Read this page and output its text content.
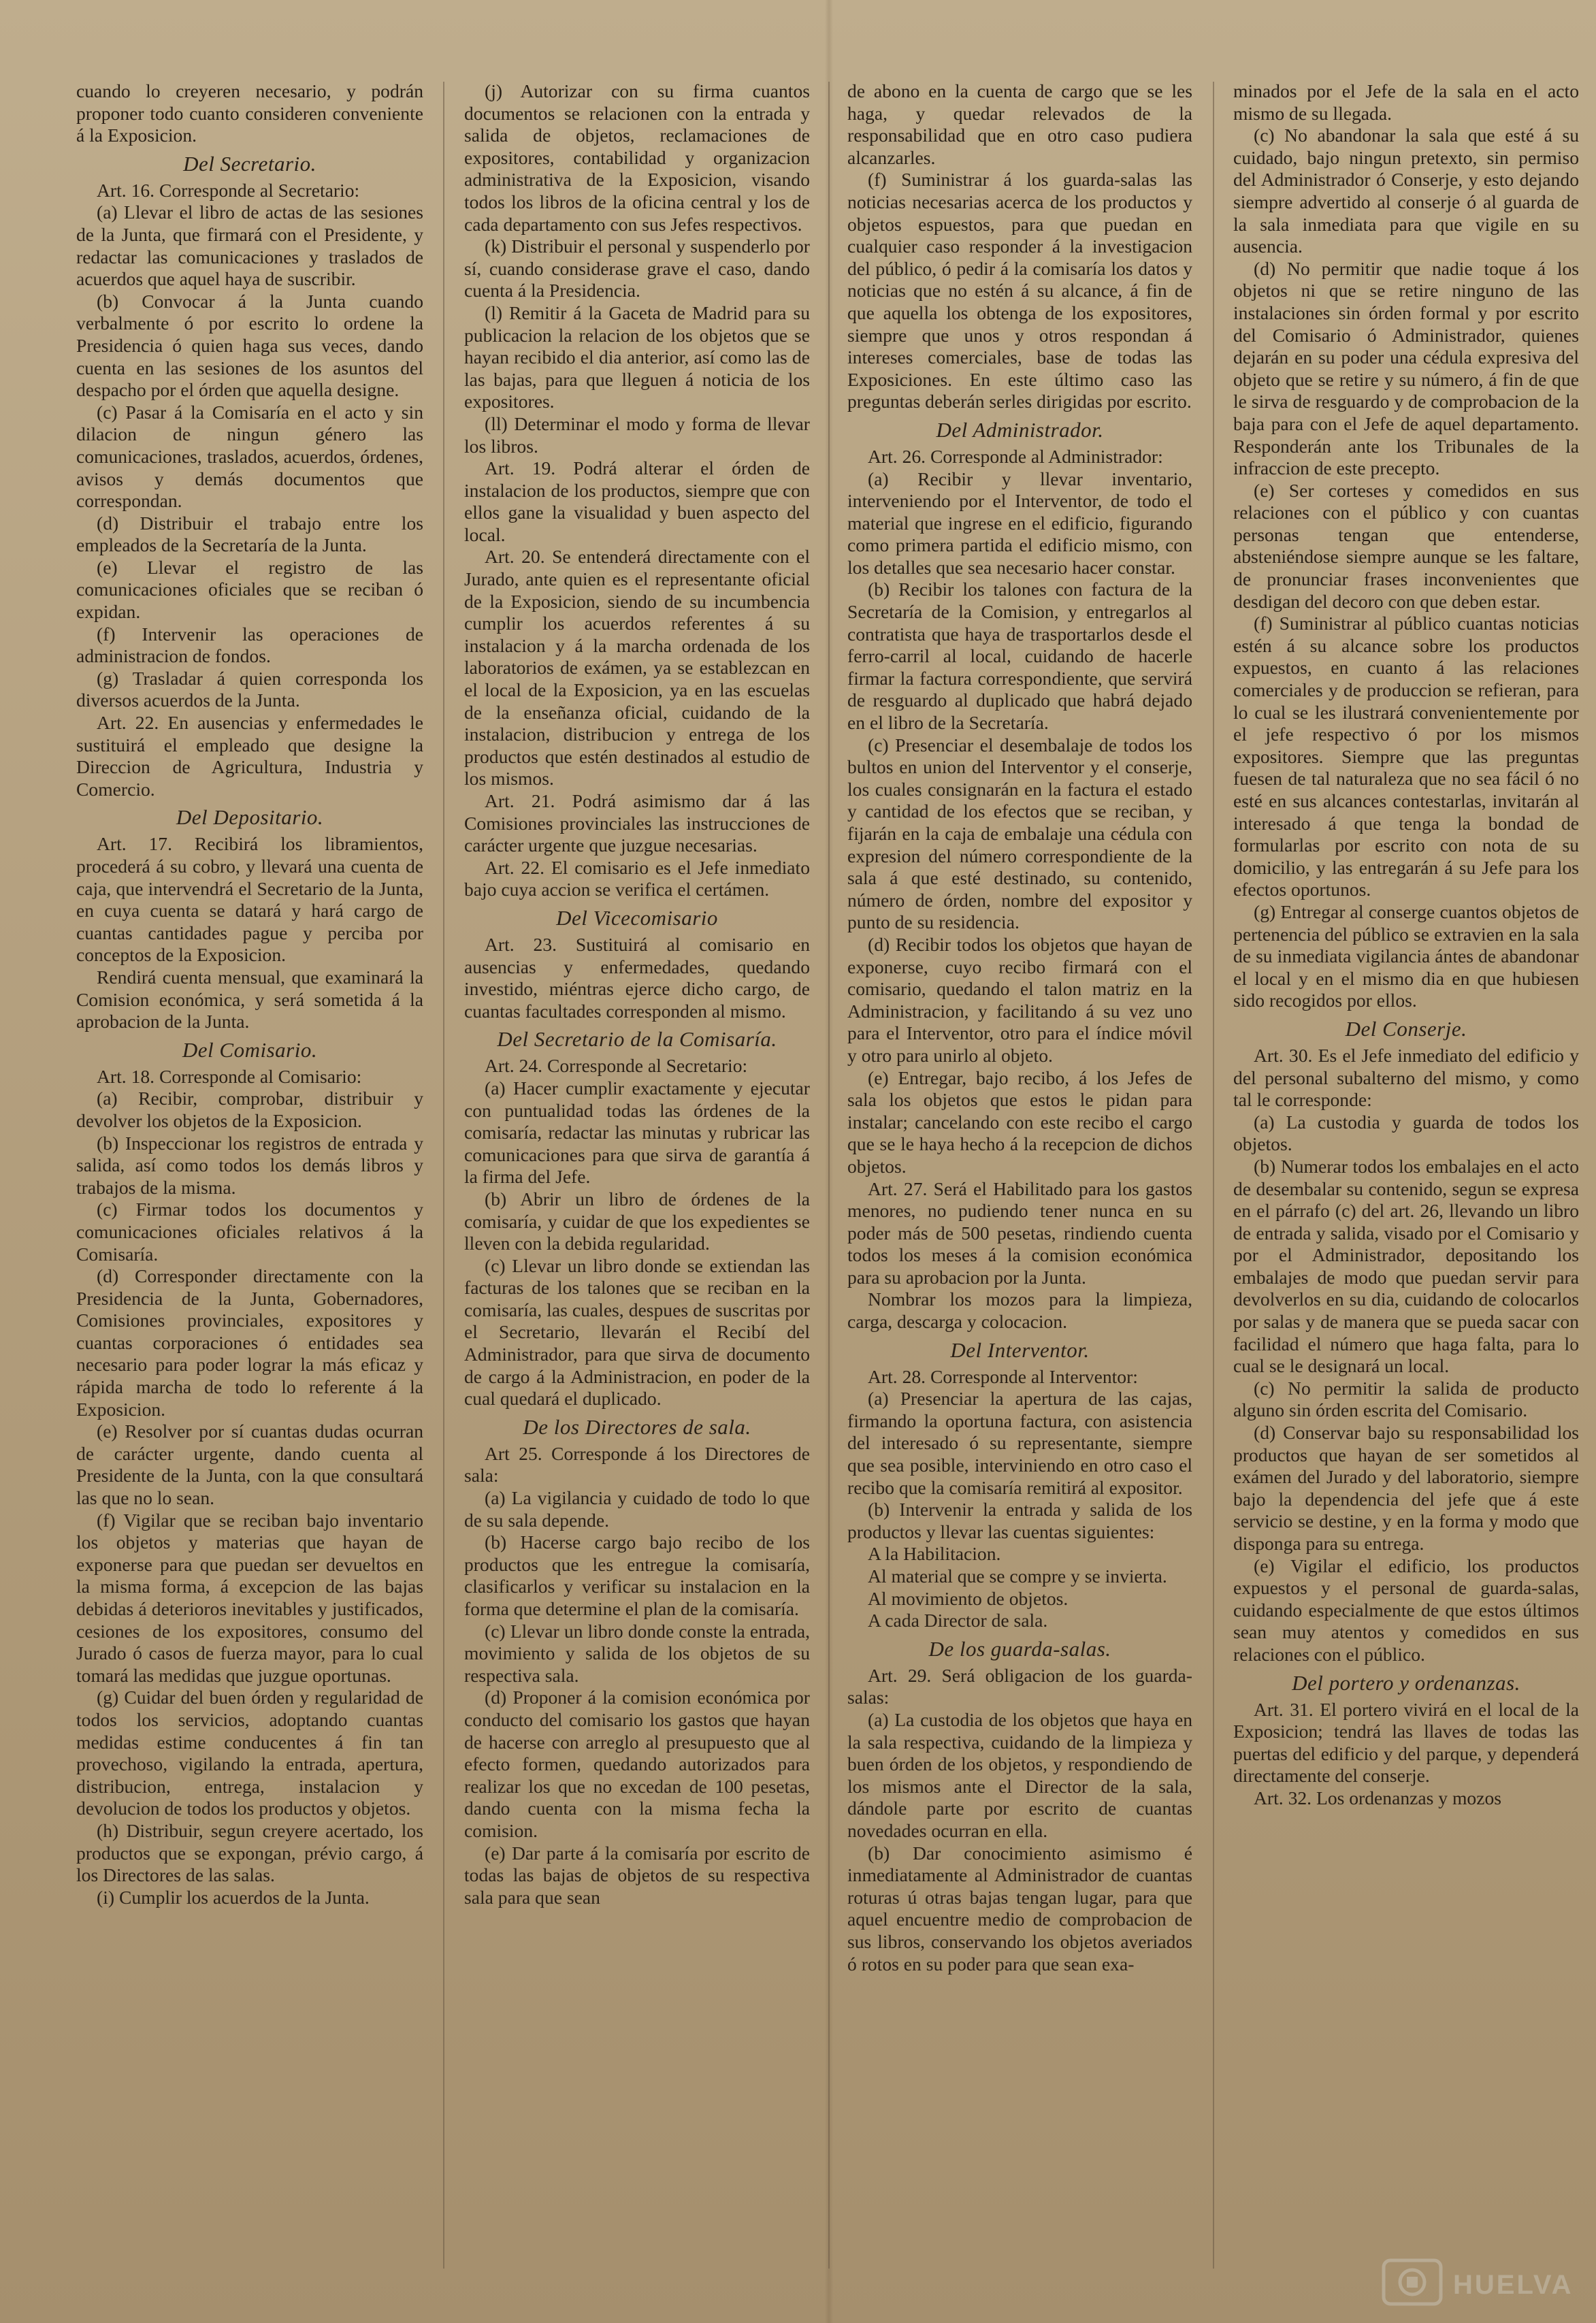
cuando lo creyeren necesario, y podrán proponer todo cuanto consideren conveniente á la Exposicion.

Del Secretario.

Art. 16. Corresponde al Secretario:

(a) Llevar el libro de actas de las sesiones de la Junta, que firmará con el Presidente, y redactar las comunicaciones y traslados de acuerdos que aquel haya de suscribir.

(b) Convocar á la Junta cuando verbalmente ó por escrito lo ordene la Presidencia ó quien haga sus veces, dando cuenta en las sesiones de los asuntos del despacho por el órden que aquella designe.

(c) Pasar á la Comisaría en el acto y sin dilacion de ningun género las comunicaciones, traslados, acuerdos, órdenes, avisos y demás documentos que correspondan.

(d) Distribuir el trabajo entre los empleados de la Secretaría de la Junta.

(e) Llevar el registro de las comunicaciones oficiales que se reciban ó expidan.

(f) Intervenir las operaciones de administracion de fondos.

(g) Trasladar á quien corresponda los diversos acuerdos de la Junta.

Art. 22. En ausencias y enfermedades le sustituirá el empleado que designe la Direccion de Agricultura, Industria y Comercio.

Del Depositario.

Art. 17. Recibirá los libramientos, procederá á su cobro, y llevará una cuenta de caja, que intervendrá el Secretario de la Junta, en cuya cuenta se datará y hará cargo de cuantas cantidades pague y perciba por conceptos de la Exposicion.

Rendirá cuenta mensual, que examinará la Comision económica, y será sometida á la aprobacion de la Junta.

Del Comisario.

Art. 18. Corresponde al Comisario:

(a) Recibir, comprobar, distribuir y devolver los objetos de la Exposicion.

(b) Inspeccionar los registros de entrada y salida, así como todos los demás libros y trabajos de la misma.

(c) Firmar todos los documentos y comunicaciones oficiales relativos á la Comisaría.

(d) Corresponder directamente con la Presidencia de la Junta, Gobernadores, Comisiones provinciales, expositores y cuantas corporaciones ó entidades sea necesario para poder lograr la más eficaz y rápida marcha de todo lo referente á la Exposicion.

(e) Resolver por sí cuantas dudas ocurran de carácter urgente, dando cuenta al Presidente de la Junta, con la que consultará las que no lo sean.

(f) Vigilar que se reciban bajo inventario los objetos y materias que hayan de exponerse para que puedan ser devueltos en la misma forma, á excepcion de las bajas debidas á deterioros inevitables y justificados, cesiones de los expositores, consumo del Jurado ó casos de fuerza mayor, para lo cual tomará las medidas que juzgue oportunas.

(g) Cuidar del buen órden y regularidad de todos los servicios, adoptando cuantas medidas estime conducentes á fin tan provechoso, vigilando la entrada, apertura, distribucion, entrega, instalacion y devolucion de todos los productos y objetos.

(h) Distribuir, segun creyere acertado, los productos que se expongan, prévio cargo, á los Directores de las salas.

(i) Cumplir los acuerdos de la Junta.

(j) Autorizar con su firma cuantos documentos se relacionen con la entrada y salida de objetos, reclamaciones de expositores, contabilidad y organizacion administrativa de la Exposicion, visando todos los libros de la oficina central y los de cada departamento con sus Jefes respectivos.

(k) Distribuir el personal y suspenderlo por sí, cuando considerase grave el caso, dando cuenta á la Presidencia.

(l) Remitir á la Gaceta de Madrid para su publicacion la relacion de los objetos que se hayan recibido el dia anterior, así como las de las bajas, para que lleguen á noticia de los expositores.

(ll) Determinar el modo y forma de llevar los libros.

Art. 19. Podrá alterar el órden de instalacion de los productos, siempre que con ellos gane la visualidad y buen aspecto del local.

Art. 20. Se entenderá directamente con el Jurado, ante quien es el representante oficial de la Exposicion, siendo de su incumbencia cumplir los acuerdos referentes á su instalacion y á la marcha ordenada de los laboratorios de exámen, ya se establezcan en el local de la Exposicion, ya en las escuelas de la enseñanza oficial, cuidando de la instalacion, distribucion y entrega de los productos que estén destinados al estudio de los mismos.

Art. 21. Podrá asimismo dar á las Comisiones provinciales las instrucciones de carácter urgente que juzgue necesarias.

Art. 22. El comisario es el Jefe inmediato bajo cuya accion se verifica el certámen.

Del Vicecomisario

Art. 23. Sustituirá al comisario en ausencias y enfermedades, quedando investido, miéntras ejerce dicho cargo, de cuantas facultades corresponden al mismo.

Del Secretario de la Comisaría.

Art. 24. Corresponde al Secretario:

(a) Hacer cumplir exactamente y ejecutar con puntualidad todas las órdenes de la comisaría, redactar las minutas y rubricar las comunicaciones para que sirva de garantía á la firma del Jefe.

(b) Abrir un libro de órdenes de la comisaría, y cuidar de que los expedientes se lleven con la debida regularidad.

(c) Llevar un libro donde se extiendan las facturas de los talones que se reciban en la comisaría, las cuales, despues de suscritas por el Secretario, llevarán el Recibí del Administrador, para que sirva de documento de cargo á la Administracion, en poder de la cual quedará el duplicado.

De los Directores de sala.

Art 25. Corresponde á los Directores de sala:

(a) La vigilancia y cuidado de todo lo que de su sala depende.

(b) Hacerse cargo bajo recibo de los productos que les entregue la comisaría, clasificarlos y verificar su instalacion en la forma que determine el plan de la comisaría.

(c) Llevar un libro donde conste la entrada, movimiento y salida de los objetos de su respectiva sala.

(d) Proponer á la comision económica por conducto del comisario los gastos que hayan de hacerse con arreglo al presupuesto que al efecto formen, quedando autorizados para realizar los que no excedan de 100 pesetas, dando cuenta con la misma fecha la comision.

(e) Dar parte á la comisaría por escrito de todas las bajas de objetos de su respectiva sala para que sean

de abono en la cuenta de cargo que se les haga, y quedar relevados de la responsabilidad que en otro caso pudiera alcanzarles.

(f) Suministrar á los guarda-salas las noticias necesarias acerca de los productos y objetos espuestos, para que puedan en cualquier caso responder á la investigacion del público, ó pedir á la comisaría los datos y noticias que no estén á su alcance, á fin de que aquella los obtenga de los expositores, siempre que unos y otros respondan á intereses comerciales, base de todas las Exposiciones. En este último caso las preguntas deberán serles dirigidas por escrito.

Del Administrador.

Art. 26. Corresponde al Administrador:

(a) Recibir y llevar inventario, interveniendo por el Interventor, de todo el material que ingrese en el edificio, figurando como primera partida el edificio mismo, con los detalles que sea necesario hacer constar.

(b) Recibir los talones con factura de la Secretaría de la Comision, y entregarlos al contratista que haya de trasportarlos desde el ferro-carril al local, cuidando de hacerle firmar la factura correspondiente, que servirá de resguardo al duplicado que habrá dejado en el libro de la Secretaría.

(c) Presenciar el desembalaje de todos los bultos en union del Interventor y el conserje, los cuales consignarán en la factura el estado y cantidad de los efectos que se reciban, y fijarán en la caja de embalaje una cédula con expresion del número correspondiente de la sala á que esté destinado, su contenido, número de órden, nombre del expositor y punto de su residencia.

(d) Recibir todos los objetos que hayan de exponerse, cuyo recibo firmará con el comisario, quedando el talon matriz en la Administracion, y facilitando á su vez uno para el Interventor, otro para el índice móvil y otro para unirlo al objeto.

(e) Entregar, bajo recibo, á los Jefes de sala los objetos que estos le pidan para instalar; cancelando con este recibo el cargo que se le haya hecho á la recepcion de dichos objetos.

Art. 27. Será el Habilitado para los gastos menores, no pudiendo tener nunca en su poder más de 500 pesetas, rindiendo cuenta todos los meses á la comision económica para su aprobacion por la Junta.

Nombrar los mozos para la limpieza, carga, descarga y colocacion.

Del Interventor.

Art. 28. Corresponde al Interventor:

(a) Presenciar la apertura de las cajas, firmando la oportuna factura, con asistencia del interesado ó su representante, siempre que sea posible, interviniendo en otro caso el recibo que la comisaría remitirá al expositor.

(b) Intervenir la entrada y salida de los productos y llevar las cuentas siguientes:

A la Habilitacion.

Al material que se compre y se invierta.

Al movimiento de objetos.

A cada Director de sala.

De los guarda-salas.

Art. 29. Será obligacion de los guarda-salas:

(a) La custodia de los objetos que haya en la sala respectiva, cuidando de la limpieza y buen órden de los objetos, y respondiendo de los mismos ante el Director de la sala, dándole parte por escrito de cuantas novedades ocurran en ella.

(b) Dar conocimiento asimismo é inmediatamente al Administrador de cuantas roturas ú otras bajas tengan lugar, para que aquel encuentre medio de comprobacion de sus libros, conservando los objetos averiados ó rotos en su poder para que sean exa-

minados por el Jefe de la sala en el acto mismo de su llegada.

(c) No abandonar la sala que esté á su cuidado, bajo ningun pretexto, sin permiso del Administrador ó Conserje, y esto dejando siempre advertido al conserje ó al guarda de la sala inmediata para que vigile en su ausencia.

(d) No permitir que nadie toque á los objetos ni que se retire ninguno de las instalaciones sin órden formal y por escrito del Comisario ó Administrador, quienes dejarán en su poder una cédula expresiva del objeto que se retire y su número, á fin de que le sirva de resguardo y de comprobacion de la baja para con el Jefe de aquel departamento. Responderán ante los Tribunales de la infraccion de este precepto.

(e) Ser corteses y comedidos en sus relaciones con el público y con cuantas personas tengan que entenderse, absteniéndose siempre aunque se les faltare, de pronunciar frases inconvenientes que desdigan del decoro con que deben estar.

(f) Suministrar al público cuantas noticias estén á su alcance sobre los productos expuestos, en cuanto á las relaciones comerciales y de produccion se refieran, para lo cual se les ilustrará convenientemente por el jefe respectivo ó por los mismos expositores. Siempre que las preguntas fuesen de tal naturaleza que no sea fácil ó no esté en sus alcances contestarlas, invitarán al interesado á que tenga la bondad de formularlas por escrito con nota de su domicilio, y las entregarán á su Jefe para los efectos oportunos.

(g) Entregar al conserge cuantos objetos de pertenencia del público se extravien en la sala de su inmediata vigilancia ántes de abandonar el local y en el mismo dia en que hubiesen sido recogidos por ellos.

Del Conserje.

Art. 30. Es el Jefe inmediato del edificio y del personal subalterno del mismo, y como tal le corresponde:

(a) La custodia y guarda de todos los objetos.

(b) Numerar todos los embalajes en el acto de desembalar su contenido, segun se expresa en el párrafo (c) del art. 26, llevando un libro de entrada y salida, visado por el Comisario y por el Administrador, depositando los embalajes de modo que puedan servir para devolverlos en su dia, cuidando de colocarlos por salas y de manera que se pueda sacar con facilidad el número que haga falta, para lo cual se le designará un local.

(c) No permitir la salida de producto alguno sin órden escrita del Comisario.

(d) Conservar bajo su responsabilidad los productos que hayan de ser sometidos al exámen del Jurado y del laboratorio, siempre bajo la dependencia del jefe que á este servicio se destine, y en la forma y modo que disponga para su entrega.

(e) Vigilar el edificio, los productos expuestos y el personal de guarda-salas, cuidando especialmente de que estos últimos sean muy atentos y comedidos en sus relaciones con el público.

Del portero y ordenanzas.

Art. 31. El portero vivirá en el local de la Exposicion; tendrá las llaves de todas las puertas del edificio y del parque, y dependerá directamente del conserje.

Art. 32. Los ordenanzas y mozos

HUELVA
